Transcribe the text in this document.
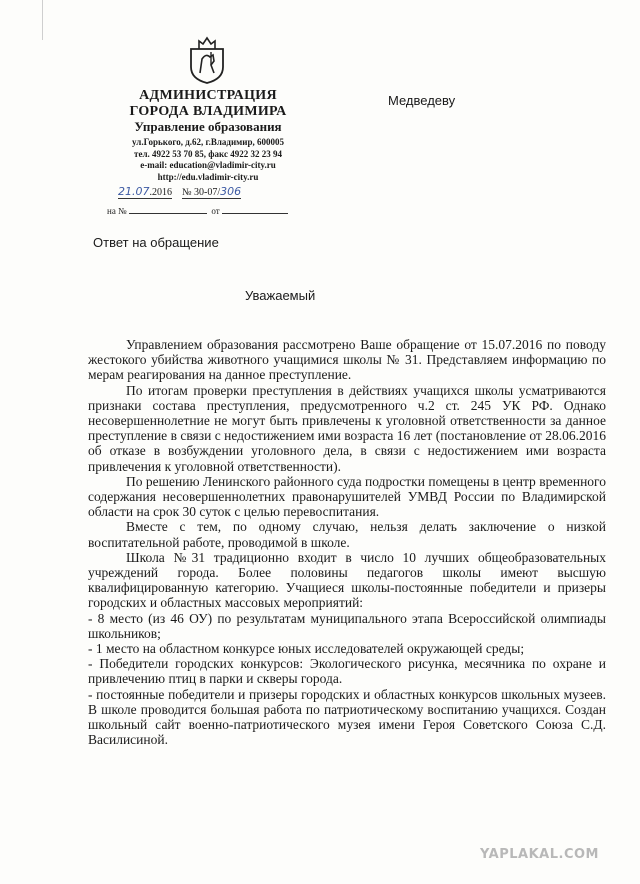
АДМИНИСТРАЦИЯ
ГОРОДА ВЛАДИМИРА
Управление образования
ул.Горького, д.62, г.Владимир, 600005
тел. 4922 53 70 85, факс 4922 32 23 94
e-mail: education@vladimir-city.ru
http://edu.vladimir-city.ru
21.07.2016 № 30-07/306
на №	от
Медведеву
Ответ на обращение
Уважаемый

Управлением образования рассмотрено Ваше обращение от 15.07.2016 по поводу жестокого убийства животного учащимися школы № 31. Представляем информацию по мерам реагирования на данное преступление.

По итогам проверки преступления в действиях учащихся школы усматриваются признаки состава преступления, предусмотренного ч.2 ст. 245 УК РФ. Однако несовершеннолетние не могут быть привлечены к уголовной ответственности за данное преступление в связи с недостижением ими возраста 16 лет (постановление от 28.06.2016 об отказе в возбуждении уголовного дела, в связи с недостижением ими возраста привлечения к уголовной ответственности).

По решению Ленинского районного суда подростки помещены в центр временного содержания несовершеннолетних правонарушителей УМВД России по Владимирской области на срок 30 суток с целью перевоспитания.

Вместе с тем, по одному случаю, нельзя делать заключение о низкой воспитательной работе, проводимой в школе.

Школа №31 традиционно входит в число 10 лучших общеобразовательных учреждений города. Более половины педагогов школы имеют высшую квалифицированную категорию. Учащиеся школы-постоянные победители и призеры городских и областных массовых мероприятий:

- 8 место (из 46 ОУ) по результатам муниципального этапа Всероссийской олимпиады школьников;

- 1 место на областном конкурсе юных исследователей окружающей среды;

- Победители городских конкурсов: Экологического рисунка, месячника по охране и привлечению птиц в парки и скверы города.

- постоянные победители и призеры городских и областных конкурсов школьных музеев. В школе проводится большая работа по патриотическому воспитанию учащихся. Создан школьный сайт военно-патриотического музея имени Героя Советского Союза С.Д. Василисиной.

YAPLAKAL.COM
